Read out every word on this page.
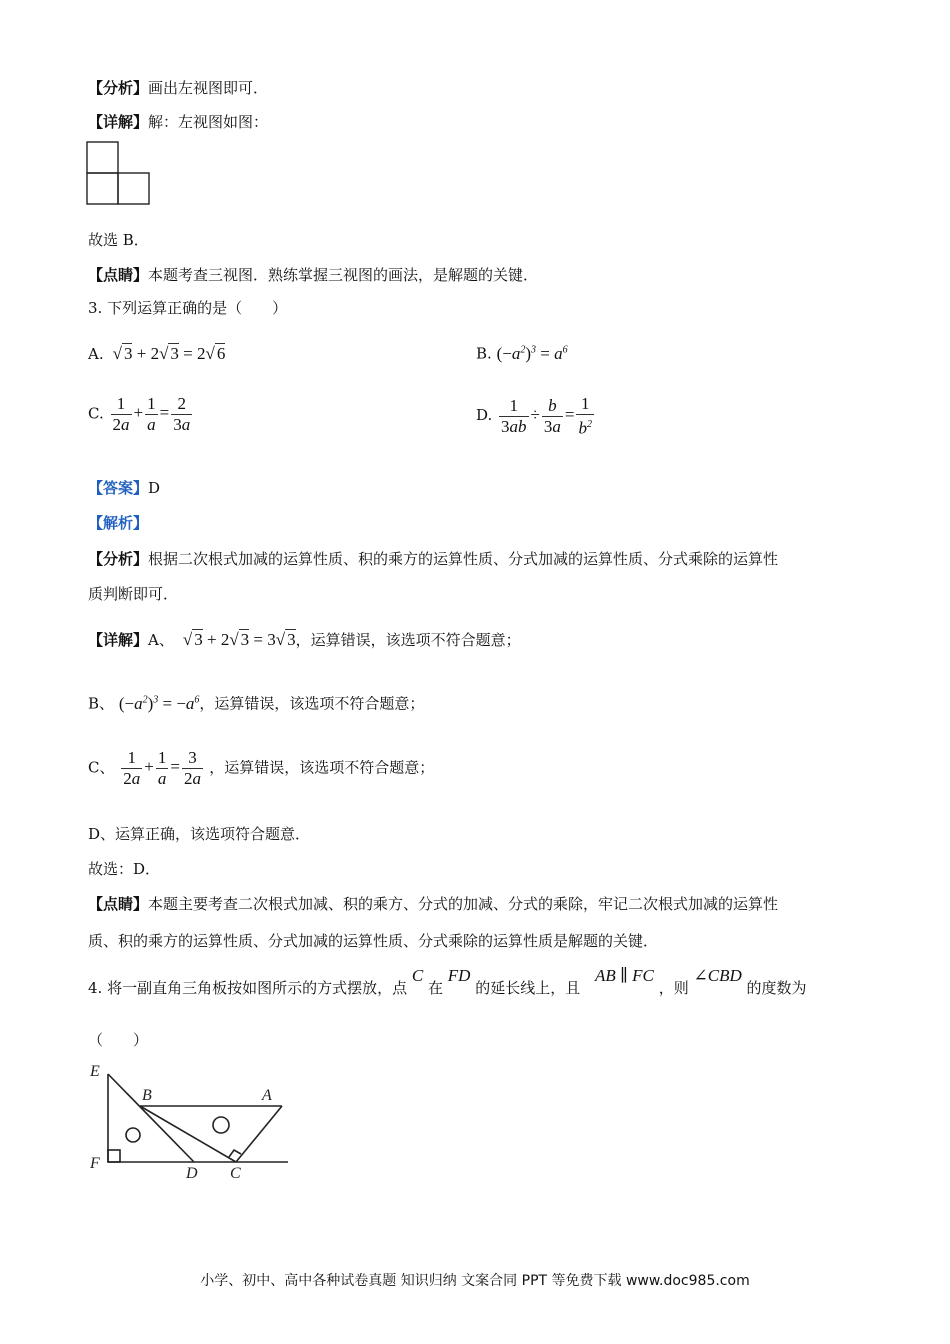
【分析】画出左视图即可．
【详解】解：左视图如图：
故选 B．
【点睛】本题考查三视图．熟练掌握三视图的画法，是解题的关键．
3. 下列运算正确的是（　　）
A.  √ 3 + 2√ 3 = 2√ 6	B. $(-a^2)^3 = a^6$
C. $\frac{1}{2a} + \frac{1}{a} = \frac{2}{3a}$	D. $\frac{1}{3ab} \div \frac{b}{3a} = \frac{1}{b^2}$
【答案】D
【解析】
【分析】根据二次根式加减的运算性质、积的乘方的运算性质、分式加减的运算性质、分式乘除的运算性
质判断即可．
【详解】A、  √ 3 + 2√ 3 = 3√ 3，运算错误，该选项不符合题意；
B、 $(-a^2)^3 = -a^6$，运算错误，该选项不符合题意；
C、 $\frac{1}{2a} + \frac{1}{a} = \frac{3}{2a}$ ，运算错误，该选项不符合题意；
D、运算正确，该选项符合题意．
故选：D．
【点睛】本题主要考查二次根式加减、积的乘方、分式的加减、分式的乘除，牢记二次根式加减的运算性
质、积的乘方的运算性质、分式加减的运算性质、分式乘除的运算性质是解题的关键．
4. 将一副直角三角板按如图所示的方式摆放，点 C 在 FD 的延长线上，且 AB ∥ FC ，则 ∠CBD 的度数为
（　　）
E
B	A
F
D C
小学、初中、高中各种试卷真题 知识归纳 文案合同 PPT 等免费下载 www.doc985.com
